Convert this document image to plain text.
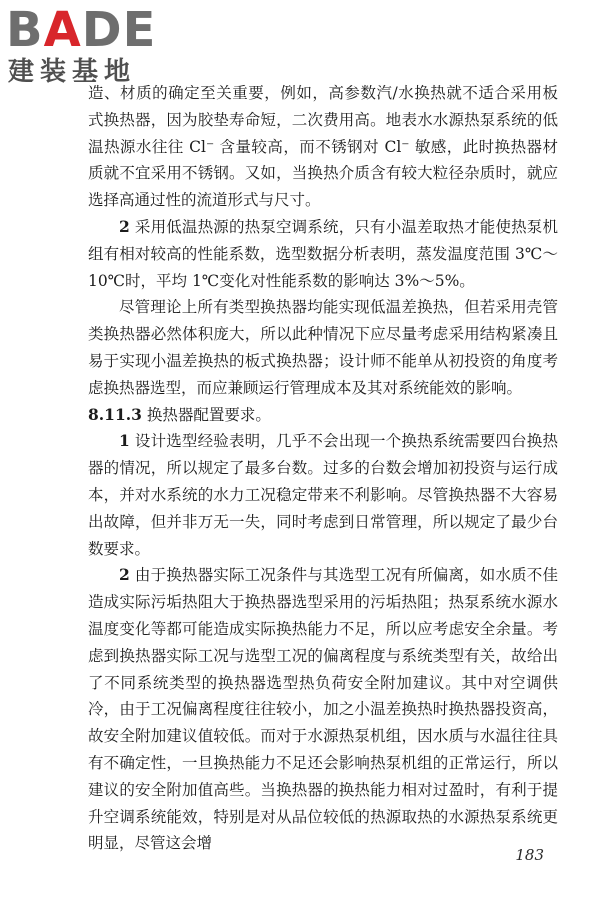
BADE
建装基地

造、材质的确定至关重要，例如，高参数汽/水换热就不适合采用板式换热器，因为胶垫寿命短，二次费用高。地表水水源热泵系统的低温热源水往往 Cl⁻ 含量较高，而不锈钢对 Cl⁻ 敏感，此时换热器材质就不宜采用不锈钢。又如，当换热介质含有较大粒径杂质时，就应选择高通过性的流道形式与尺寸。

2 采用低温热源的热泵空调系统，只有小温差取热才能使热泵机组有相对较高的性能系数，选型数据分析表明，蒸发温度范围 3℃～10℃时，平均 1℃变化对性能系数的影响达 3%～5%。

尽管理论上所有类型换热器均能实现低温差换热，但若采用壳管类换热器必然体积庞大，所以此种情况下应尽量考虑采用结构紧凑且易于实现小温差换热的板式换热器；设计师不能单从初投资的角度考虑换热器选型，而应兼顾运行管理成本及其对系统能效的影响。

8.11.3 换热器配置要求。

1 设计选型经验表明，几乎不会出现一个换热系统需要四台换热器的情况，所以规定了最多台数。过多的台数会增加初投资与运行成本，并对水系统的水力工况稳定带来不利影响。尽管换热器不大容易出故障，但并非万无一失，同时考虑到日常管理，所以规定了最少台数要求。

2 由于换热器实际工况条件与其选型工况有所偏离，如水质不佳造成实际污垢热阻大于换热器选型采用的污垢热阻；热泵系统水源水温度变化等都可能造成实际换热能力不足，所以应考虑安全余量。考虑到换热器实际工况与选型工况的偏离程度与系统类型有关，故给出了不同系统类型的换热器选型热负荷安全附加建议。其中对空调供冷，由于工况偏离程度往往较小，加之小温差换热时换热器投资高，故安全附加建议值较低。而对于水源热泵机组，因水质与水温往往具有不确定性，一旦换热能力不足还会影响热泵机组的正常运行，所以建议的安全附加值高些。当换热器的换热能力相对过盈时，有利于提升空调系统能效，特别是对从品位较低的热源取热的水源热泵系统更明显，尽管这会增

183
